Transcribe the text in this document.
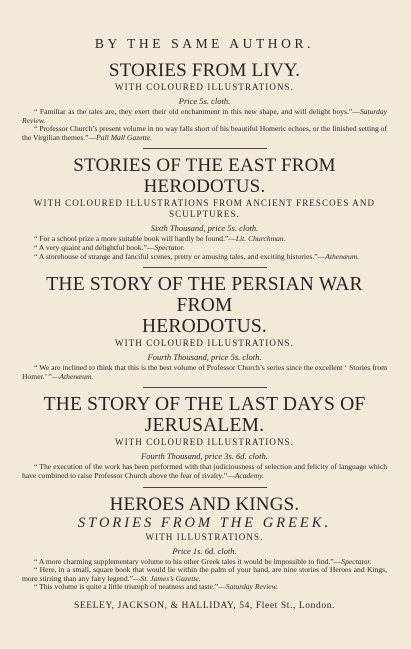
BY THE SAME AUTHOR.
STORIES FROM LIVY.
WITH COLOURED ILLUSTRATIONS.
Price 5s. cloth.

“ Familiar as the tales are, they exert their old enchantment in this new shape, and will delight boys.”—Saturday Review.

“ Professor Church’s present volume in no way falls short of his beautiful Homeric echoes, or the finished setting of the Virgilian themes.”—Pall Mall Gazette.

STORIES OF THE EAST FROM HERODOTUS.
WITH COLOURED ILLUSTRATIONS FROM ANCIENT FRESCOES AND SCULPTURES.
Sixth Thousand, price 5s. cloth.

“ For a school prize a more suitable book will hardly be found.”—Lit. Churchman.

“ A very quaint and delightful book.”—Spectator.

“ A storehouse of strange and fanciful scenes, pretty or amusing tales, and exciting histories.”—Athenæum.

THE STORY OF THE PERSIAN WAR FROM
HERODOTUS.
WITH COLOURED ILLUSTRATIONS.
Fourth Thousand, price 5s. cloth.

“ We are inclined to think that this is the best volume of Professor Church’s series since the excellent ‘ Stories from Homer.’ ”—Athenæum.

THE STORY OF THE LAST DAYS OF
JERUSALEM.
WITH COLOURED ILLUSTRATIONS.
Fourth Thousand, price 3s. 6d. cloth.

“ The execution of the work has been performed with that judiciousness of selection and felicity of language which have combined to raise Professor Church above the fear of rivalry.”—Academy.

HEROES AND KINGS.
STORIES FROM THE GREEK.
WITH ILLUSTRATIONS.
Price 1s. 6d. cloth.

“ A more charming supplementary volume to his other Greek tales it would be impossible to find.”—Spectator.

“ Here, in a small, square book that would lie within the palm of your hand, are nine stories of Heroes and Kings, more stirring than any fairy legend.”—St. James’s Gazette.

“ This volume is quite a little triumph of neatness and taste.”—Saturday Review.

SEELEY, JACKSON, & HALLIDAY, 54, Fleet St., London.
